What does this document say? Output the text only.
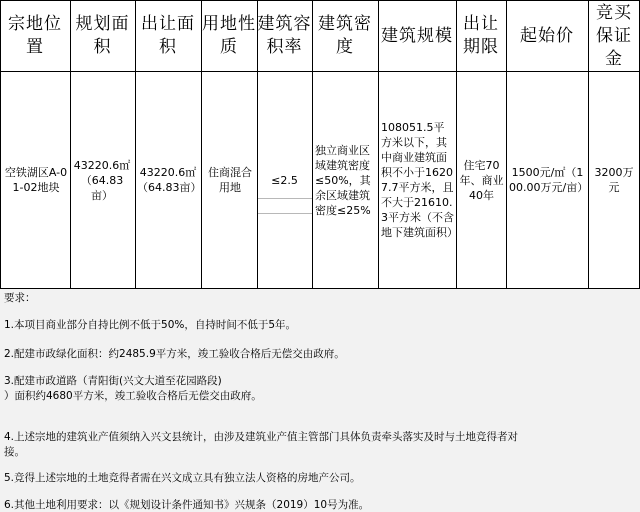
宗地位置
规划面积
出让面积
用地性质
建筑容积率
建筑密度
建筑规模
出让期限
起始价
竞买保证金
空铁湖区A-01-02地块
43220.6㎡（64.83亩）
43220.6㎡（64.83亩）
住商混合用地
≤2.5
独立商业区域建筑密度≤50%，其余区域建筑密度≤25%
108051.5平方米以下，其中商业建筑面积不小于16207.7平方米，且不大于21610.3平方米（不含地下建筑面积）
住宅70年、商业40年
1500元/㎡（100.00万元/亩）
3200万元
要求：
1.本项目商业部分自持比例不低于50%，自持时间不低于5年。
2.配建市政绿化面积：约2485.9平方米，竣工验收合格后无偿交由政府。
3.配建市政道路（青阳街(兴文大道至花园路段)
）面积约4680平方米，竣工验收合格后无偿交由政府。
4.上述宗地的建筑业产值须纳入兴文县统计，由涉及建筑业产值主管部门具体负责牵头落实及时与土地竞得者对
接。
5.竞得上述宗地的土地竞得者需在兴文成立具有独立法人资格的房地产公司。
6.其他土地利用要求：以《规划设计条件通知书》兴规条（2019）10号为准。
